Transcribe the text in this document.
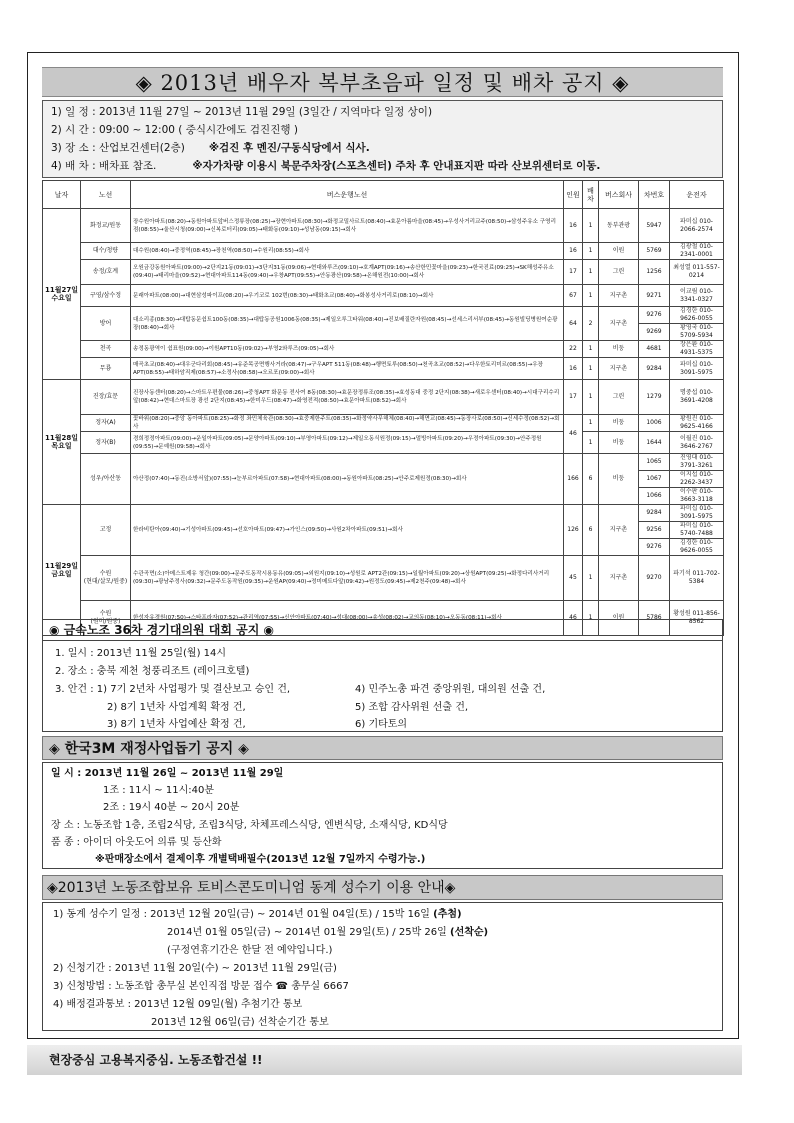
◈ 2013년 배우자 복부초음파 일정 및 배차 공지 ◈
1) 일 정 : 2013년 11월 27일 ~ 2013년 11월 29일 (3일간 / 지역마다 일정 상이)
2) 시 간 : 09:00 ~ 12:00 ( 중식시간에도 검진진행 )
3) 장 소 : 산업보건센터(2층) ※검진 후 멘진/구동식당에서 식사.
4) 배 차 : 배차표 참조.	※자가차량 이용시 북문주차장(스포츠센터) 주차 후 안내표지판 따라 산보위센터로 이동.
날자	노선	버스운행노선	인원	배차	버스회사	차번호	운전자
11월27일
수요일	화정교/원동	장수원아파트(08:20)→동원아파트앞버스정류장(08:25)→장현아파트(08:30)→화정교밀사르트(08:40)→효문아름마을(08:45)→우성사거리교주(08:50)→삼성주유소 구영리점(08:55)→울산시청(09:00)→신복로터리(09:05)→태화동(09:10)→성남동(09:15)→회사	16	1	동부관광	5947	파미십 010-2066-2574
	대수/청량	대수원(08:40)→중정역(08:45)→장천역(08:50)→수원리(08:55)→회사	16	1	이원	5769	김광철 010-2341-0001
	송정/호계	오원금강동원아파트(09:00)→2단지21동(09:01)→3단지31동(09:06)→현대와루즈(09:10)→호계APT(09:16)→송산한민꽃마을(09:23)→한국진료(09:25)→SK해성주유소(09:40)→태리마을(09:52)→현대아파트114동(09:40)→우창APT(09:55)→안동광산(09:58)→온해원전(10:00)→회사	17	1	그린	1256	최성열 011-557-0214
	구영/삼수정	문래아파트(08:00)→대현삼성파이프(08:20)→우기코로 102번(08:30)→태화초교(08:40)→화봉성사거리로(08:10)→회사	67	1	지구촌	9271	이교림 010-3341-0327
	방어	대소리종(08:30)→대탑동문쉼트100동(08:35)→대탑동공원1006동(08:35)→제일오루그타워(08:40)→진보배질란자원(08:45)→선세스리서부(08:45)→동원빌딩병원여순광장(08:40)→회사	64	2	지구촌	9276	김경한 010-9626-0055
						9269	황영국 010-5709-5934
	천곡	송정동광역이 쉼표원(09:00)→이원APT10동(09:02)→부영2와루즈(09:05)→회사	22	1	비둥	4681	장은환 010-4931-5375
	무룡	매곡초교(08:40)→대우군다리회(08:45)→유준목공면행사거라(08:47)→구우APT 511동(08:48)→행면토루(08:50)→천곡초교(08:52)→다우한토리미르(08:55)→우장APT(08:55)→태하암직제(08:57)→소정사(08:58)→오르포(09:00)→회사	16	1	지구촌	9284	파미십 010-3091-5975
11월28일
목요일	진장/효문	진장사동센터(08:20)→스마트우편물(08:26)→중청APT 화문동 전사여 8동(08:30)→효문장정류조(08:35)→효성동대 중정 2단지(08:38)→새로우센터(08:40)→시대구리수리앞(08:42)→현대스마트장 광선 2단지(08:45)→한미우드(08:47)→화영전적(08:50)→효문아파트(08:52)→회사	17	1	그린	1279	명중섭 010-3691-4208
	정자(A)	꽃바위(08:20)→중앙 동아파트(08:25)→화정 좌민체육관(08:30)→효중제한주트(08:35)→화정약사무해체(08:40)→해면교(08:45)→동장사로(08:50)→신세수정(08:52)→회사	46	1	비둥	1006	황원진 010-9625-4166
	정자(B)	경희정정아파트(09:00)→운일아파트(09:05)→문양아파트(09:10)→부영아파트(09:12)→제일오동식원정(09:15)→멀빙아파트(09:20)→우정아파트(09:30)→안주정원(09:55)→문예원(09:58)→회사		1	비둥	1644	이월진 010-3646-2767
	성우/아산동	아산정(07:40)→동진(소방서앞)(07:55)→눈부르아파트(07:58)→현대아파트(08:00)→동원아파트(08:25)→안주로제원정(08:30)→회사	166	6	비둥	1065	진영대 010-3791-3261
						1067	이지섭 010-2262-3437
						1066	이수판 010-3663-3118
11월29일
금요일	고정	한라비탄아(09:40)→기성아파트(09:45)→선호아파트(09:47)→가인스(09:50)→사원2차아파트(09:51)→회사	126	6	지구촌	9284	파미십 010-3091-5975
						9256	파미십 010-5740-7488
						9276	김경한 010-9626-0055
	수원
(현대/살모/원중)	수관곡면(소)아메스트제유 청간(09:00)→문주도동작시용동유(09:05)→외원지(09:10)→성원로 APT2관(09:15)→일월아파트(09:20)→상원APT(09:25)→화정다리사거리(09:30)→광남주정사(09:32)→문주도동작원(09:35)→운원AP(09:40)→정미메트다앞(09:42)→원정도(09:45)→제2천주(09:48)→회사	45	1	지구촌	9270	파기석 011-702-5384
	수원
(원미/원중)	한성자유경원(07:50)→스타프라자(07:52)→관리역(07:55)→신안아파트(07:40)→성대(08:00)→송성(08:02)→교의동(08:10)→오동동(08:11)→회사	46	1	이원	5786	황성원 011-856-8562
◉ 금속노조 36차 경기대의원 대회 공지 ◉
1. 일시 : 2013년 11월 25일(월) 14시
2. 장소 : 충북 제천 청풍리조트 (레이크호텔)
3. 안건 : 1) 7기 2년차 사업평가 및 결산보고 승인 건,	4) 민주노총 파견 중앙위원, 대의원 선출 건,
2) 8기 1년차 사업계획 확정 건,	5) 조합 감사위원 선출 건,
3) 8기 1년차 사업예산 확정 건,	6) 기타토의
◈ 한국3M 재정사업돕기 공지 ◈
일 시 : 2013년 11월 26일 ~ 2013년 11월 29일
1조 : 11시 ~ 11시:40분
2조 : 19시 40분 ~ 20시 20분
장 소 : 노동조합 1층, 조립2식당, 조립3식당, 차체프레스식당, 엔변식당, 소재식당, KD식당
품 종 : 아이더 아웃도어 의류 및 등산화
※판매장소에서 결제이후 개별택배필수(2013년 12월 7일까지 수령가능.)
◈2013년 노동조합보유 토비스콘도미니엄 동계 성수기 이용 안내◈
1) 동계 성수기 일정 : 2013년 12월 20일(금) ~ 2014년 01월 04일(토) / 15박 16일 (추첨)
2014년 01월 05일(금) ~ 2014년 01월 29일(토) / 25박 26일 (선착순)
(구정연휴기간은 한달 전 예약입니다.)
2) 신청기간 : 2013년 11월 20일(수) ~ 2013년 11월 29일(금)
3) 신청방법 : 노동조합 총무실 본인직접 방문 접수 ☎ 총무실 6667
4) 배정결과통보 : 2013년 12월 09일(월) 추첨기간 통보
2013년 12월 06일(금) 선착순기간 통보
현장중심 고용복지중심. 노동조합건설 !!
